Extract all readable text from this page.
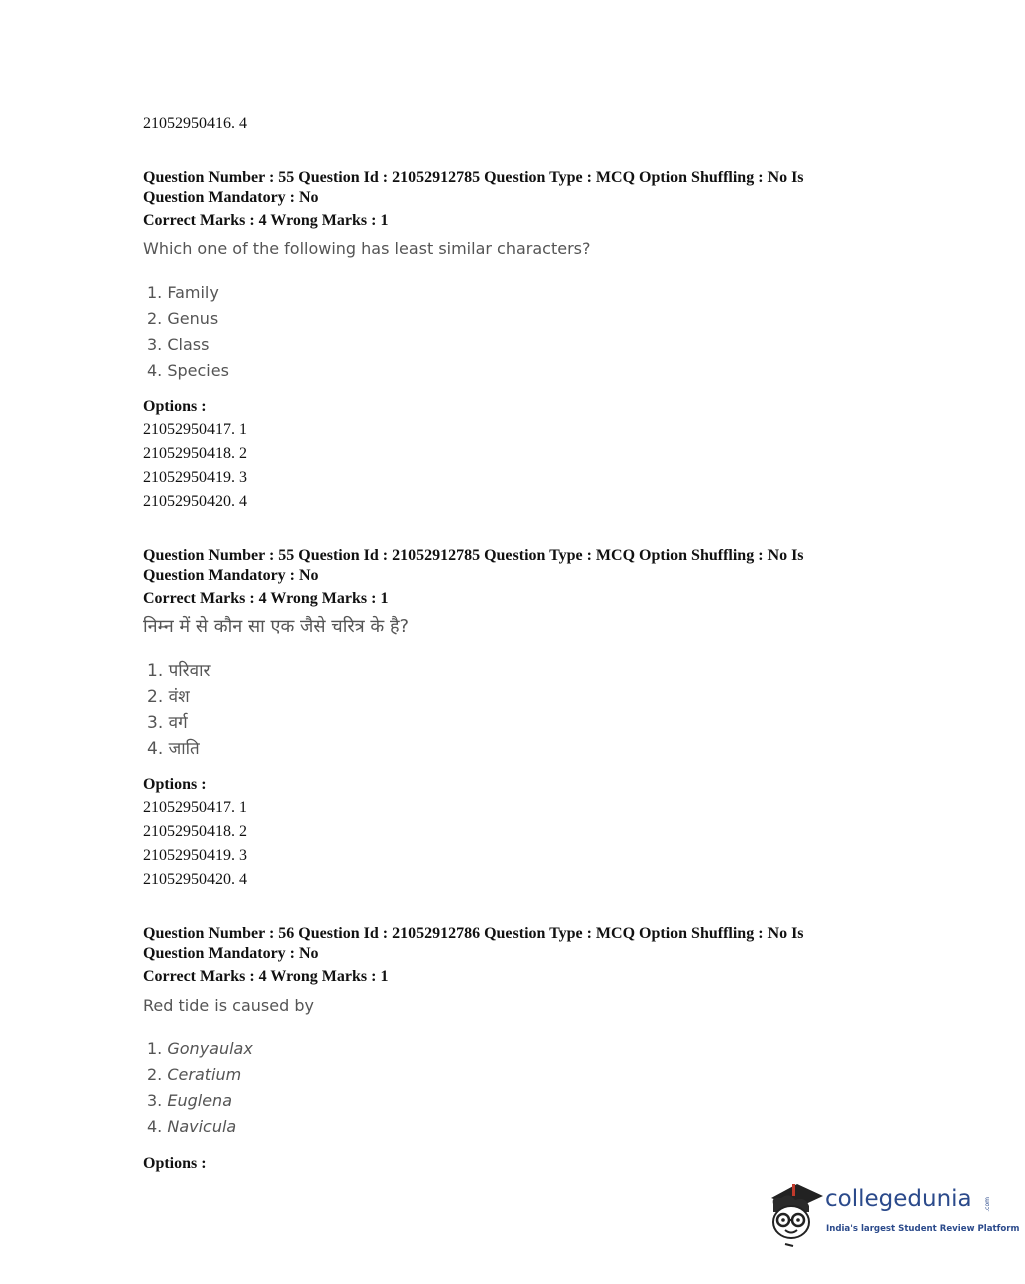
21052950416. 4
Question Number : 55 Question Id : 21052912785 Question Type : MCQ Option Shuffling : No Is
Question Mandatory : No
Correct Marks : 4 Wrong Marks : 1
Which one of the following has least similar characters?
1. Family
2. Genus
3. Class
4. Species
Options :
21052950417. 1
21052950418. 2
21052950419. 3
21052950420. 4
Question Number : 55 Question Id : 21052912785 Question Type : MCQ Option Shuffling : No Is
Question Mandatory : No
Correct Marks : 4 Wrong Marks : 1
निम्न में से कौन सा एक जैसे चरित्र के है?
1. परिवार
2. वंश
3. वर्ग
4. जाति
Options :
21052950417. 1
21052950418. 2
21052950419. 3
21052950420. 4
Question Number : 56 Question Id : 21052912786 Question Type : MCQ Option Shuffling : No Is
Question Mandatory : No
Correct Marks : 4 Wrong Marks : 1
Red tide is caused by
1. Gonyaulax
2. Ceratium
3. Euglena
4. Navicula
Options :
collegedunia .com
India's largest Student Review Platform
